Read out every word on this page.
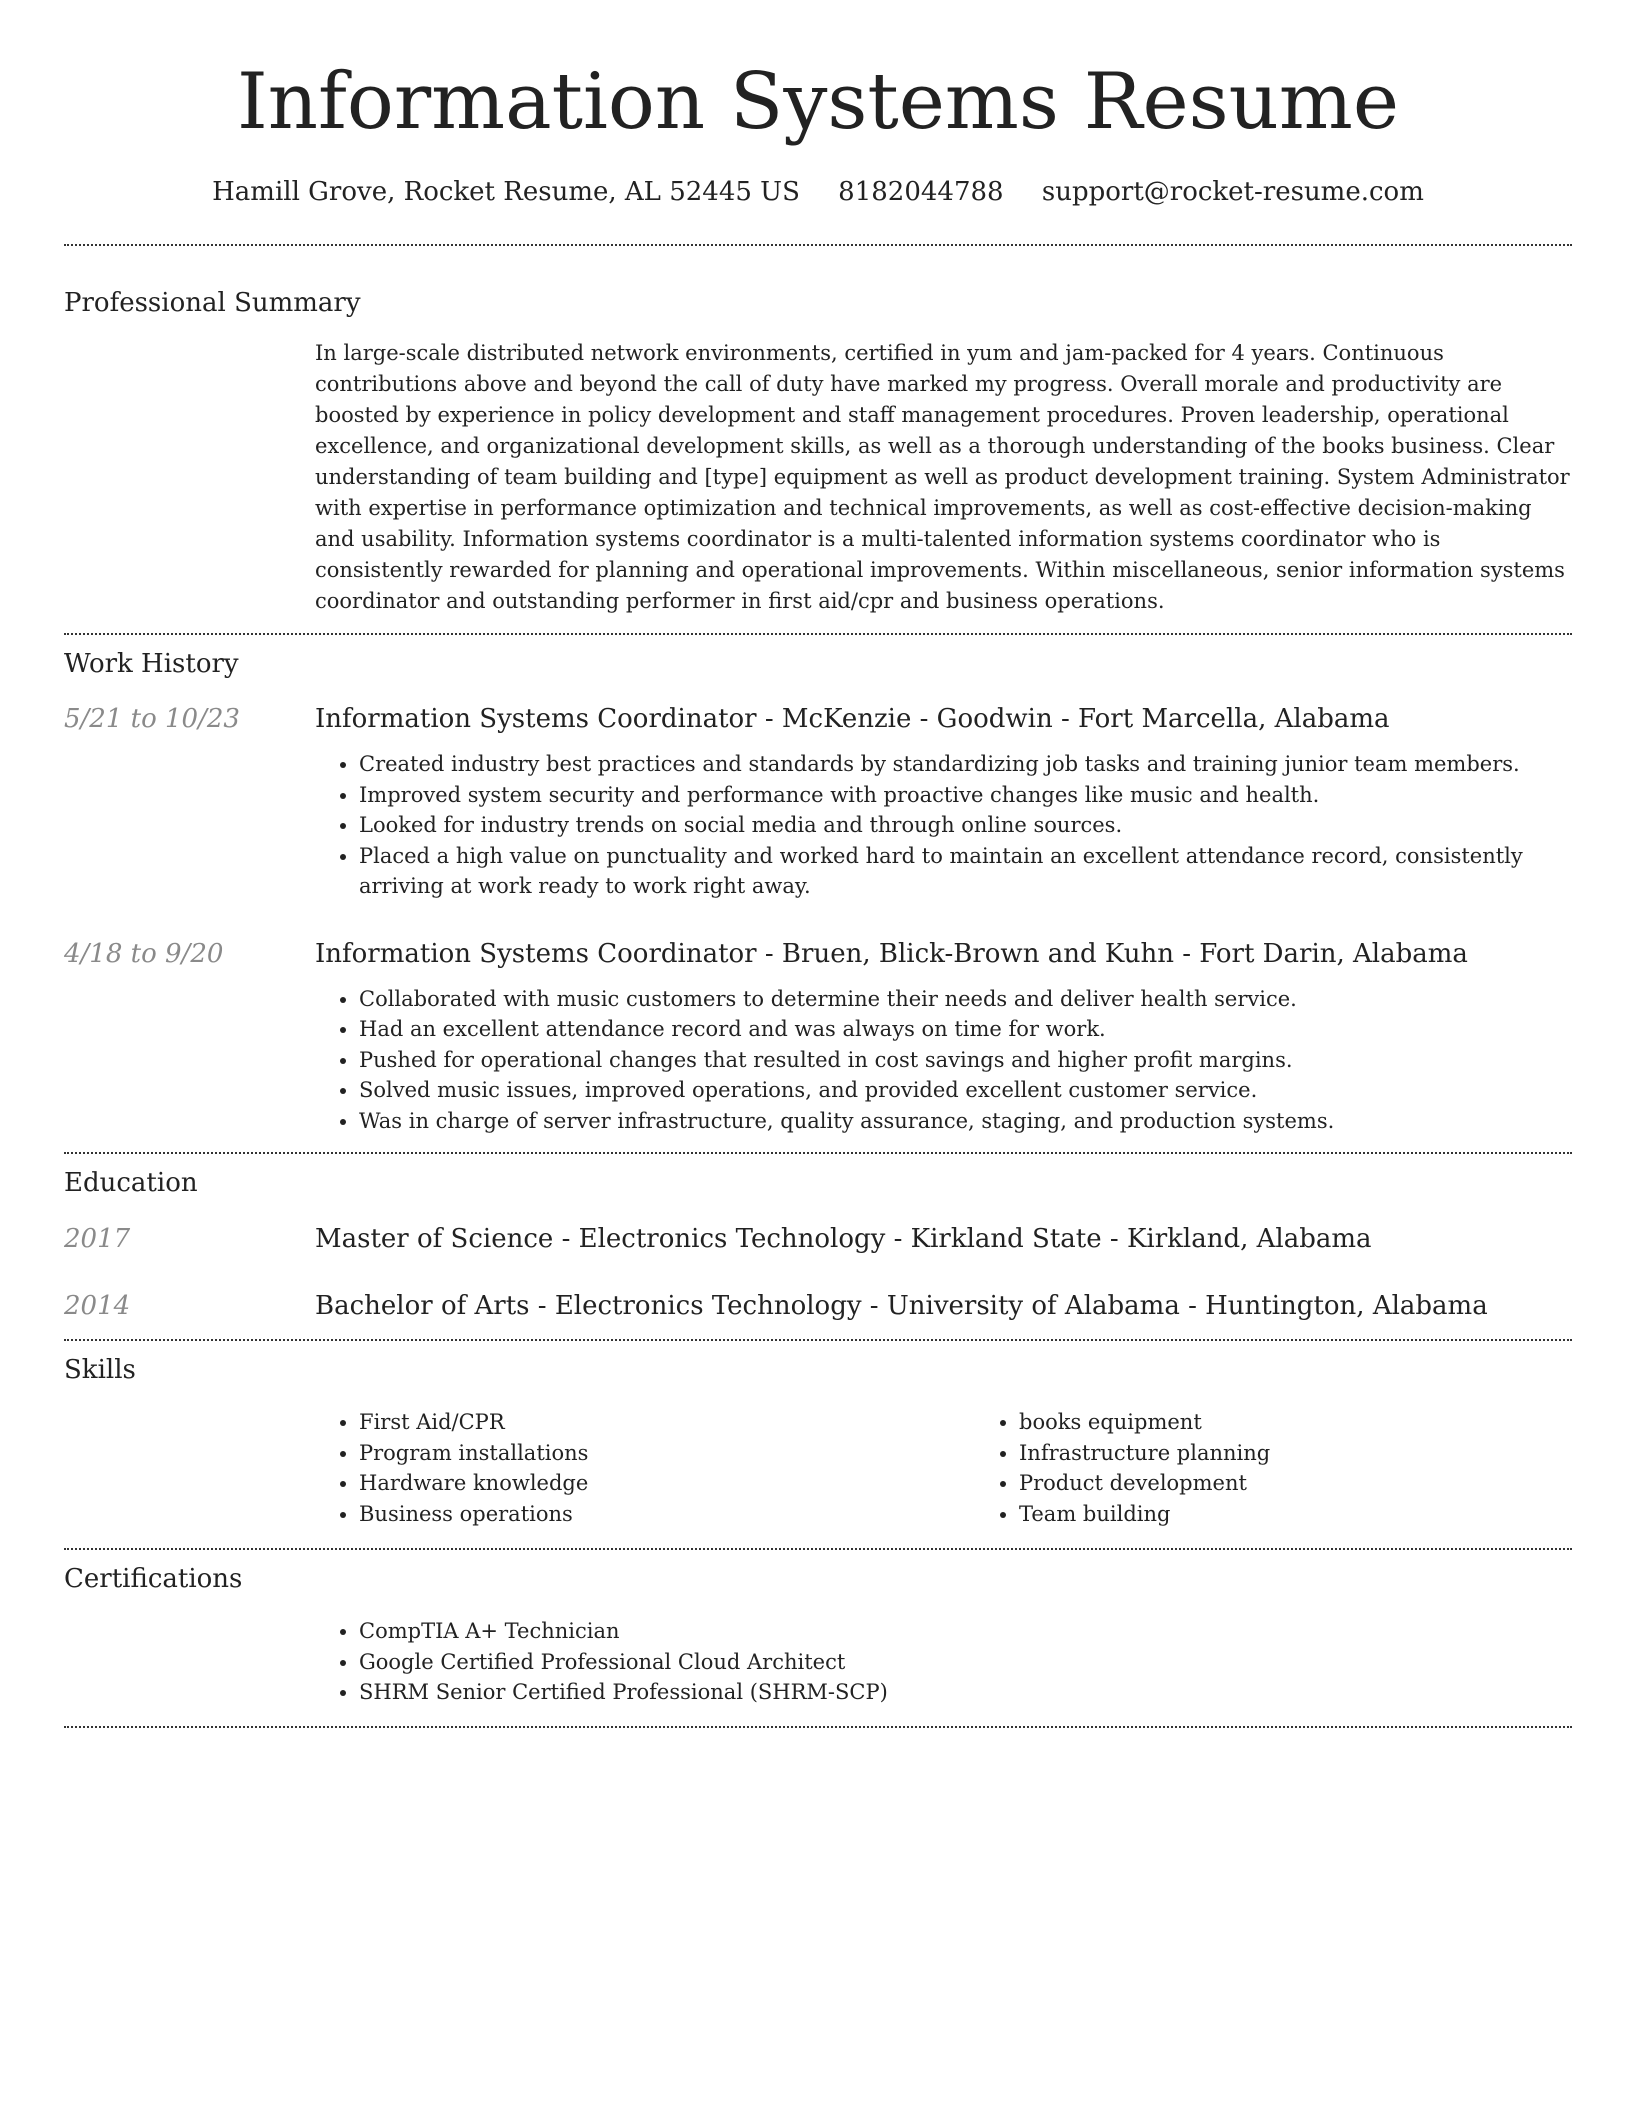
Information Systems Resume
Hamill Grove, Rocket Resume, AL 52445 US 8182044788 support@rocket-resume.com
Professional Summary

In large-scale distributed network environments, certified in yum and jam-packed for 4 years. Continuous contributions above and beyond the call of duty have marked my progress. Overall morale and productivity are boosted by experience in policy development and staff management procedures. Proven leadership, operational excellence, and organizational development skills, as well as a thorough understanding of the books business. Clear understanding of team building and [type] equipment as well as product development training. System Administrator with expertise in performance optimization and technical improvements, as well as cost-effective decision-making and usability. Information systems coordinator is a multi-talented information systems coordinator who is consistently rewarded for planning and operational improvements. Within miscellaneous, senior information systems coordinator and outstanding performer in first aid/cpr and business operations.

Work History
5/21 to 10/23	Information Systems Coordinator - McKenzie - Goodwin - Fort Marcella, Alabama
• Created industry best practices and standards by standardizing job tasks and training junior team members.
• Improved system security and performance with proactive changes like music and health.
• Looked for industry trends on social media and through online sources.
• Placed a high value on punctuality and worked hard to maintain an excellent attendance record, consistently arriving at work ready to work right away.
4/18 to 9/20	Information Systems Coordinator - Bruen, Blick-Brown and Kuhn - Fort Darin, Alabama
• Collaborated with music customers to determine their needs and deliver health service.
• Had an excellent attendance record and was always on time for work.
• Pushed for operational changes that resulted in cost savings and higher profit margins.
• Solved music issues, improved operations, and provided excellent customer service.
• Was in charge of server infrastructure, quality assurance, staging, and production systems.
Education
2017	Master of Science - Electronics Technology - Kirkland State - Kirkland, Alabama
2014	Bachelor of Arts - Electronics Technology - University of Alabama - Huntington, Alabama
Skills
• First Aid/CPR
• Program installations
• Hardware knowledge
• Business operations
• books equipment
• Infrastructure planning
• Product development
• Team building
Certifications
• CompTIA A+ Technician
• Google Certified Professional Cloud Architect
• SHRM Senior Certified Professional (SHRM-SCP)
